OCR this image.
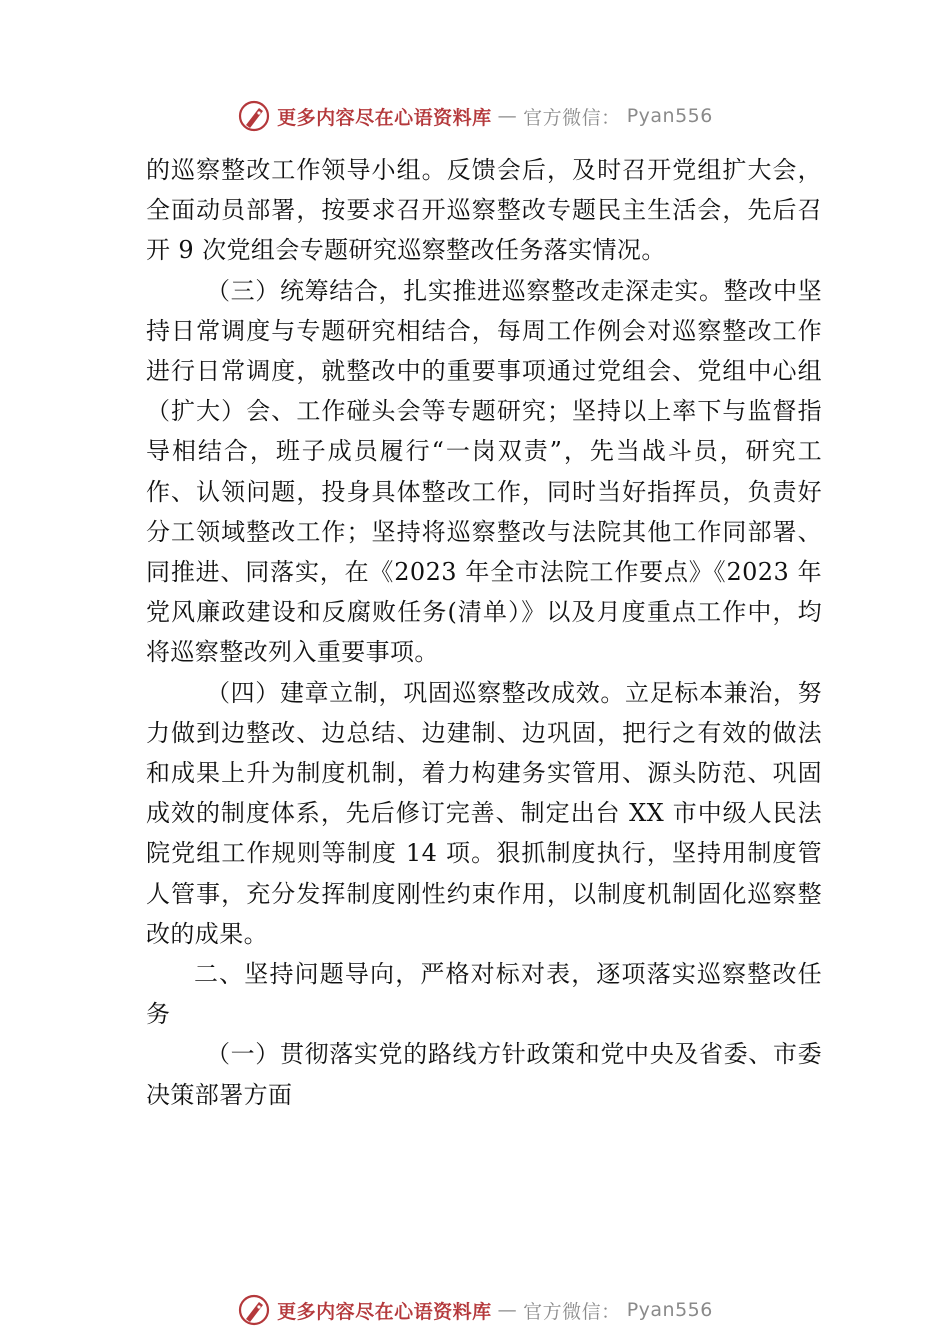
更多内容尽在心语资料库 — 官方微信： Pyan556

的巡察整改工作领导小组。反馈会后，及时召开党组扩大会，全面动员部署，按要求召开巡察整改专题民主生活会，先后召开 9 次党组会专题研究巡察整改任务落实情况。

（三）统筹结合，扎实推进巡察整改走深走实。整改中坚持日常调度与专题研究相结合，每周工作例会对巡察整改工作进行日常调度，就整改中的重要事项通过党组会、党组中心组（扩大）会、工作碰头会等专题研究；坚持以上率下与监督指导相结合，班子成员履行“一岗双责”，先当战斗员，研究工作、认领问题，投身具体整改工作，同时当好指挥员，负责好分工领域整改工作；坚持将巡察整改与法院其他工作同部署、同推进、同落实，在《2023 年全市法院工作要点》《2023 年党风廉政建设和反腐败任务(清单）》以及月度重点工作中，均将巡察整改列入重要事项。

（四）建章立制，巩固巡察整改成效。立足标本兼治，努力做到边整改、边总结、边建制、边巩固，把行之有效的做法和成果上升为制度机制，着力构建务实管用、源头防范、巩固成效的制度体系，先后修订完善、制定出台 XX 市中级人民法院党组工作规则等制度 14 项。狠抓制度执行，坚持用制度管人管事，充分发挥制度刚性约束作用，以制度机制固化巡察整改的成果。

二、坚持问题导向，严格对标对表，逐项落实巡察整改任务

（一）贯彻落实党的路线方针政策和党中央及省委、市委决策部署方面

更多内容尽在心语资料库 — 官方微信： Pyan556
